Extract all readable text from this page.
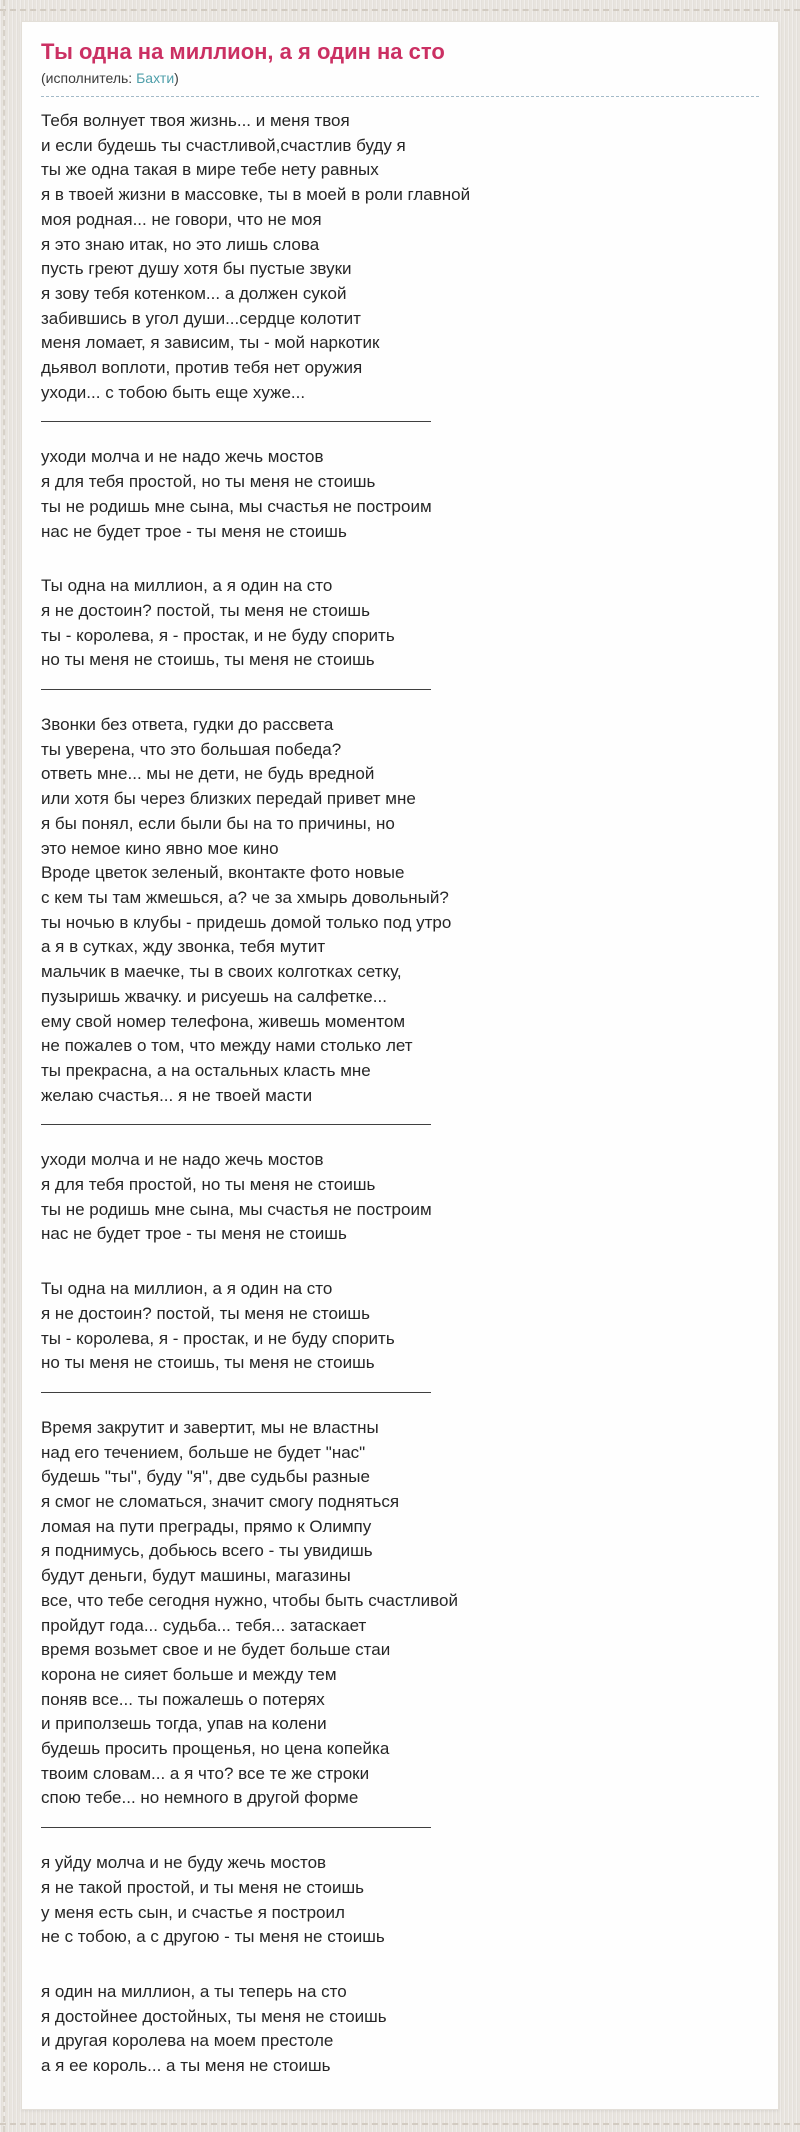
Ты одна на миллион, а я один на сто
(исполнитель: Бахти)
Тебя волнует твоя жизнь... и меня твоя
и если будешь ты счастливой,счастлив буду я
ты же одна такая в мире тебе нету равных
я в твоей жизни в массовке, ты в моей в роли главной
моя родная... не говори, что не моя
я это знаю итак, но это лишь слова
пусть греют душу хотя бы пустые звуки
я зову тебя котенком... а должен сукой
забившись в угол души...сердце колотит
меня ломает, я зависим, ты - мой наркотик
дьявол воплоти, против тебя нет оружия
уходи... с тобою быть еще хуже...
уходи молча и не надо жечь мостов
я для тебя простой, но ты меня не стоишь
ты не родишь мне сына, мы счастья не построим
нас не будет трое - ты меня не стоишь
Ты одна на миллион, а я один на сто
я не достоин? постой, ты меня не стоишь
ты - королева, я - простак, и не буду спорить
но ты меня не стоишь, ты меня не стоишь
Звонки без ответа, гудки до рассвета
ты уверена, что это большая победа?
ответь мне... мы не дети, не будь вредной
или хотя бы через близких передай привет мне
я бы понял, если были бы на то причины, но
это немое кино явно мое кино
Вроде цветок зеленый, вконтакте фото новые
с кем ты там жмешься, а? че за хмырь довольный?
ты ночью в клубы - придешь домой только под утро
а я в сутках, жду звонка, тебя мутит
мальчик в маечке, ты в своих колготках сетку,
пузыришь жвачку. и рисуешь на салфетке...
ему свой номер телефона, живешь моментом
не пожалев о том, что между нами столько лет
ты прекрасна, а на остальных класть мне
желаю счастья... я не твоей масти
уходи молча и не надо жечь мостов
я для тебя простой, но ты меня не стоишь
ты не родишь мне сына, мы счастья не построим
нас не будет трое - ты меня не стоишь
Ты одна на миллион, а я один на сто
я не достоин? постой, ты меня не стоишь
ты - королева, я - простак, и не буду спорить
но ты меня не стоишь, ты меня не стоишь
Время закрутит и завертит, мы не властны
над его течением, больше не будет "нас"
будешь "ты", буду "я", две судьбы разные
я смог не сломаться, значит смогу подняться
ломая на пути преграды, прямо к Олимпу
я поднимусь, добьюсь всего - ты увидишь
будут деньги, будут машины, магазины
все, что тебе сегодня нужно, чтобы быть счастливой
пройдут года... судьба... тебя... затаскает
время возьмет свое и не будет больше стаи
корона не сияет больше и между тем
поняв все... ты пожалешь о потерях
и приползешь тогда, упав на колени
будешь просить прощенья, но цена копейка
твоим словам... а я что? все те же строки
спою тебе... но немного в другой форме
я уйду молча и не буду жечь мостов
я не такой простой, и ты меня не стоишь
у меня есть сын, и счастье я построил
не с тобою, а с другою - ты меня не стоишь
я один на миллион, а ты теперь на сто
я достойнее достойных, ты меня не стоишь
и другая королева на моем престоле
а я ее король... а ты меня не стоишь
